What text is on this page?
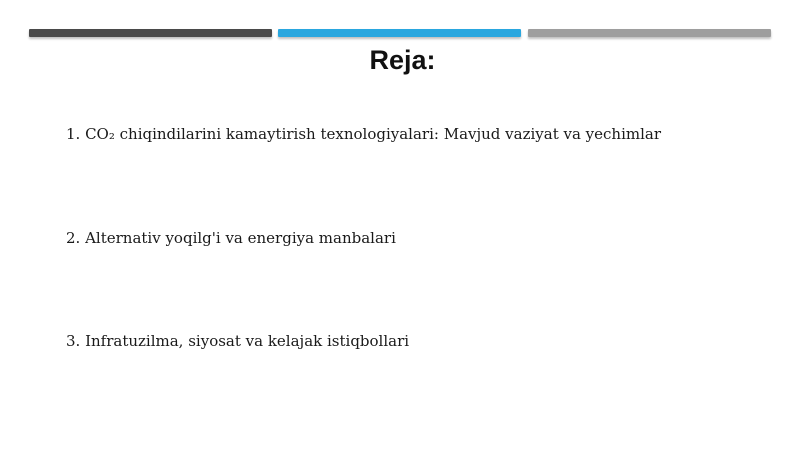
Reja:
1. CO₂ chiqindilarini kamaytirish texnologiyalari: Mavjud vaziyat va yechimlar
2. Alternativ yoqilg'i va energiya manbalari
3. Infratuzilma, siyosat va kelajak istiqbollari
